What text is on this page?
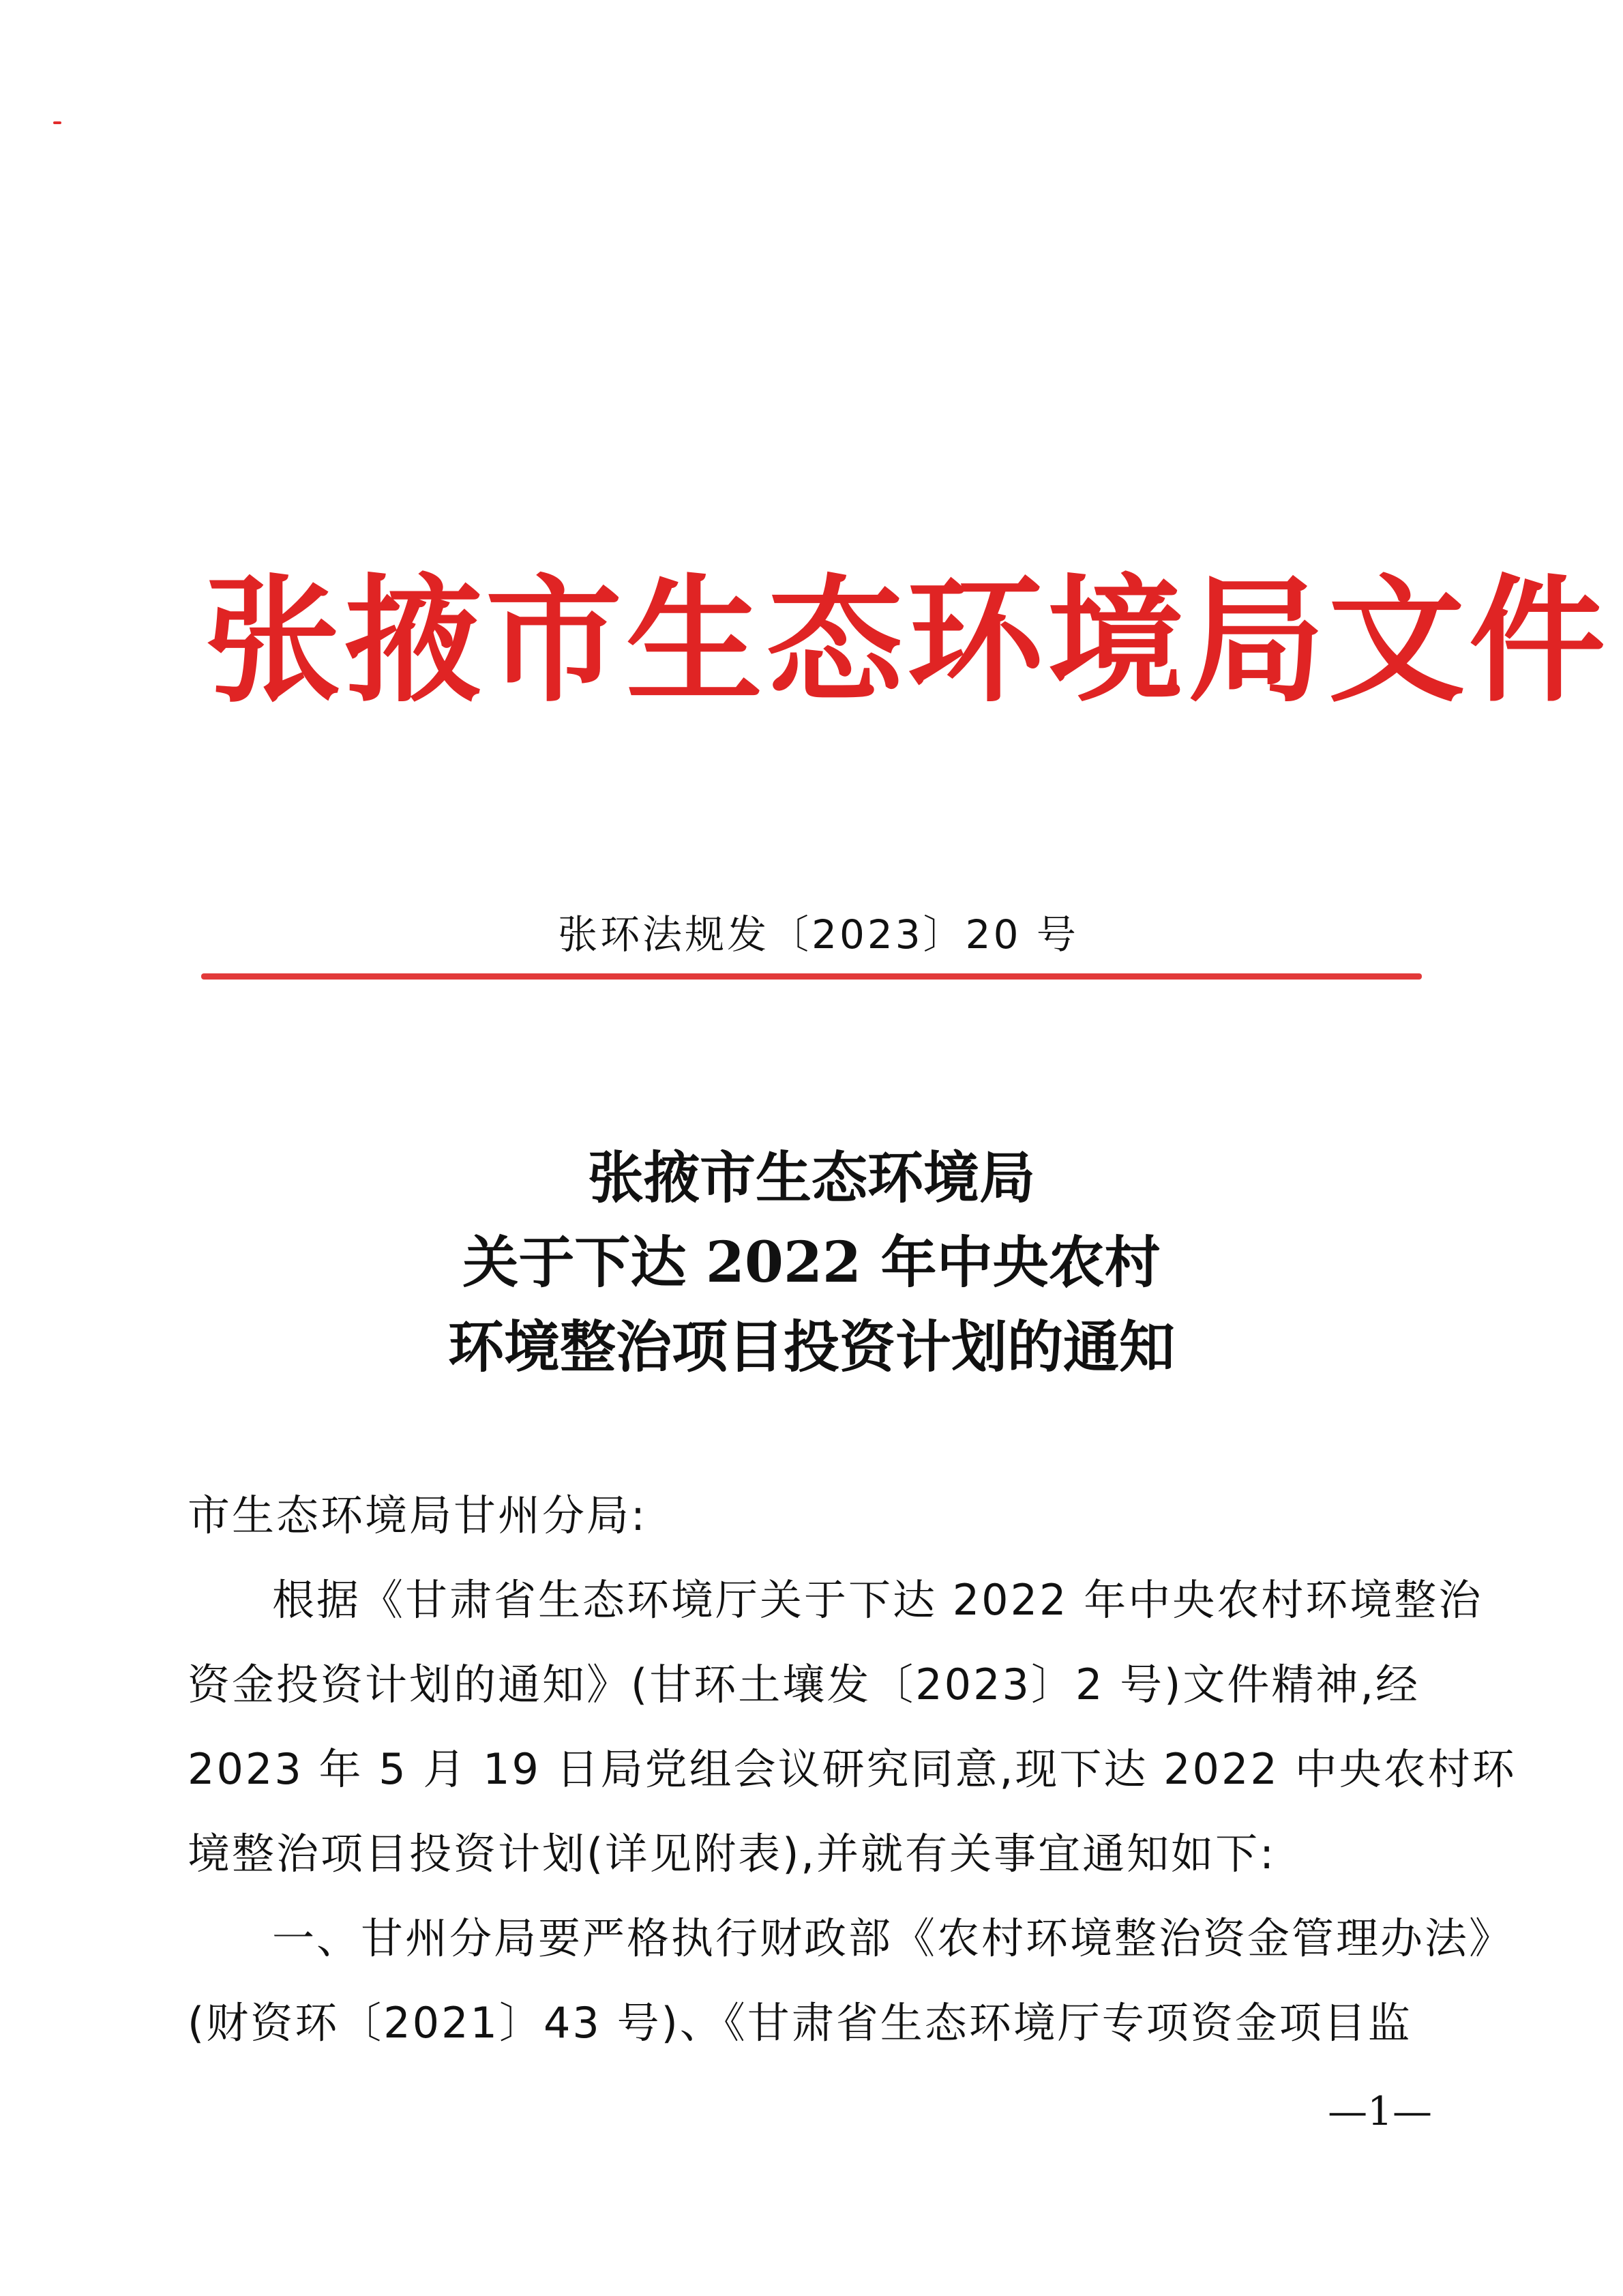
张掖市生态环境局文件
张环法规发〔2023〕20 号
张掖市生态环境局
关于下达 2022 年中央农村
环境整治项目投资计划的通知
市生态环境局甘州分局:
根据《甘肃省生态环境厅关于下达 2022 年中央农村环境整治
资金投资计划的通知》(甘环土壤发〔2023〕2 号)文件精神,经
2023 年 5 月 19 日局党组会议研究同意,现下达 2022 中央农村环
境整治项目投资计划(详见附表),并就有关事宜通知如下:
一、甘州分局要严格执行财政部《农村环境整治资金管理办法》
(财资环〔2021〕43 号)、《甘肃省生态环境厅专项资金项目监
—1—
